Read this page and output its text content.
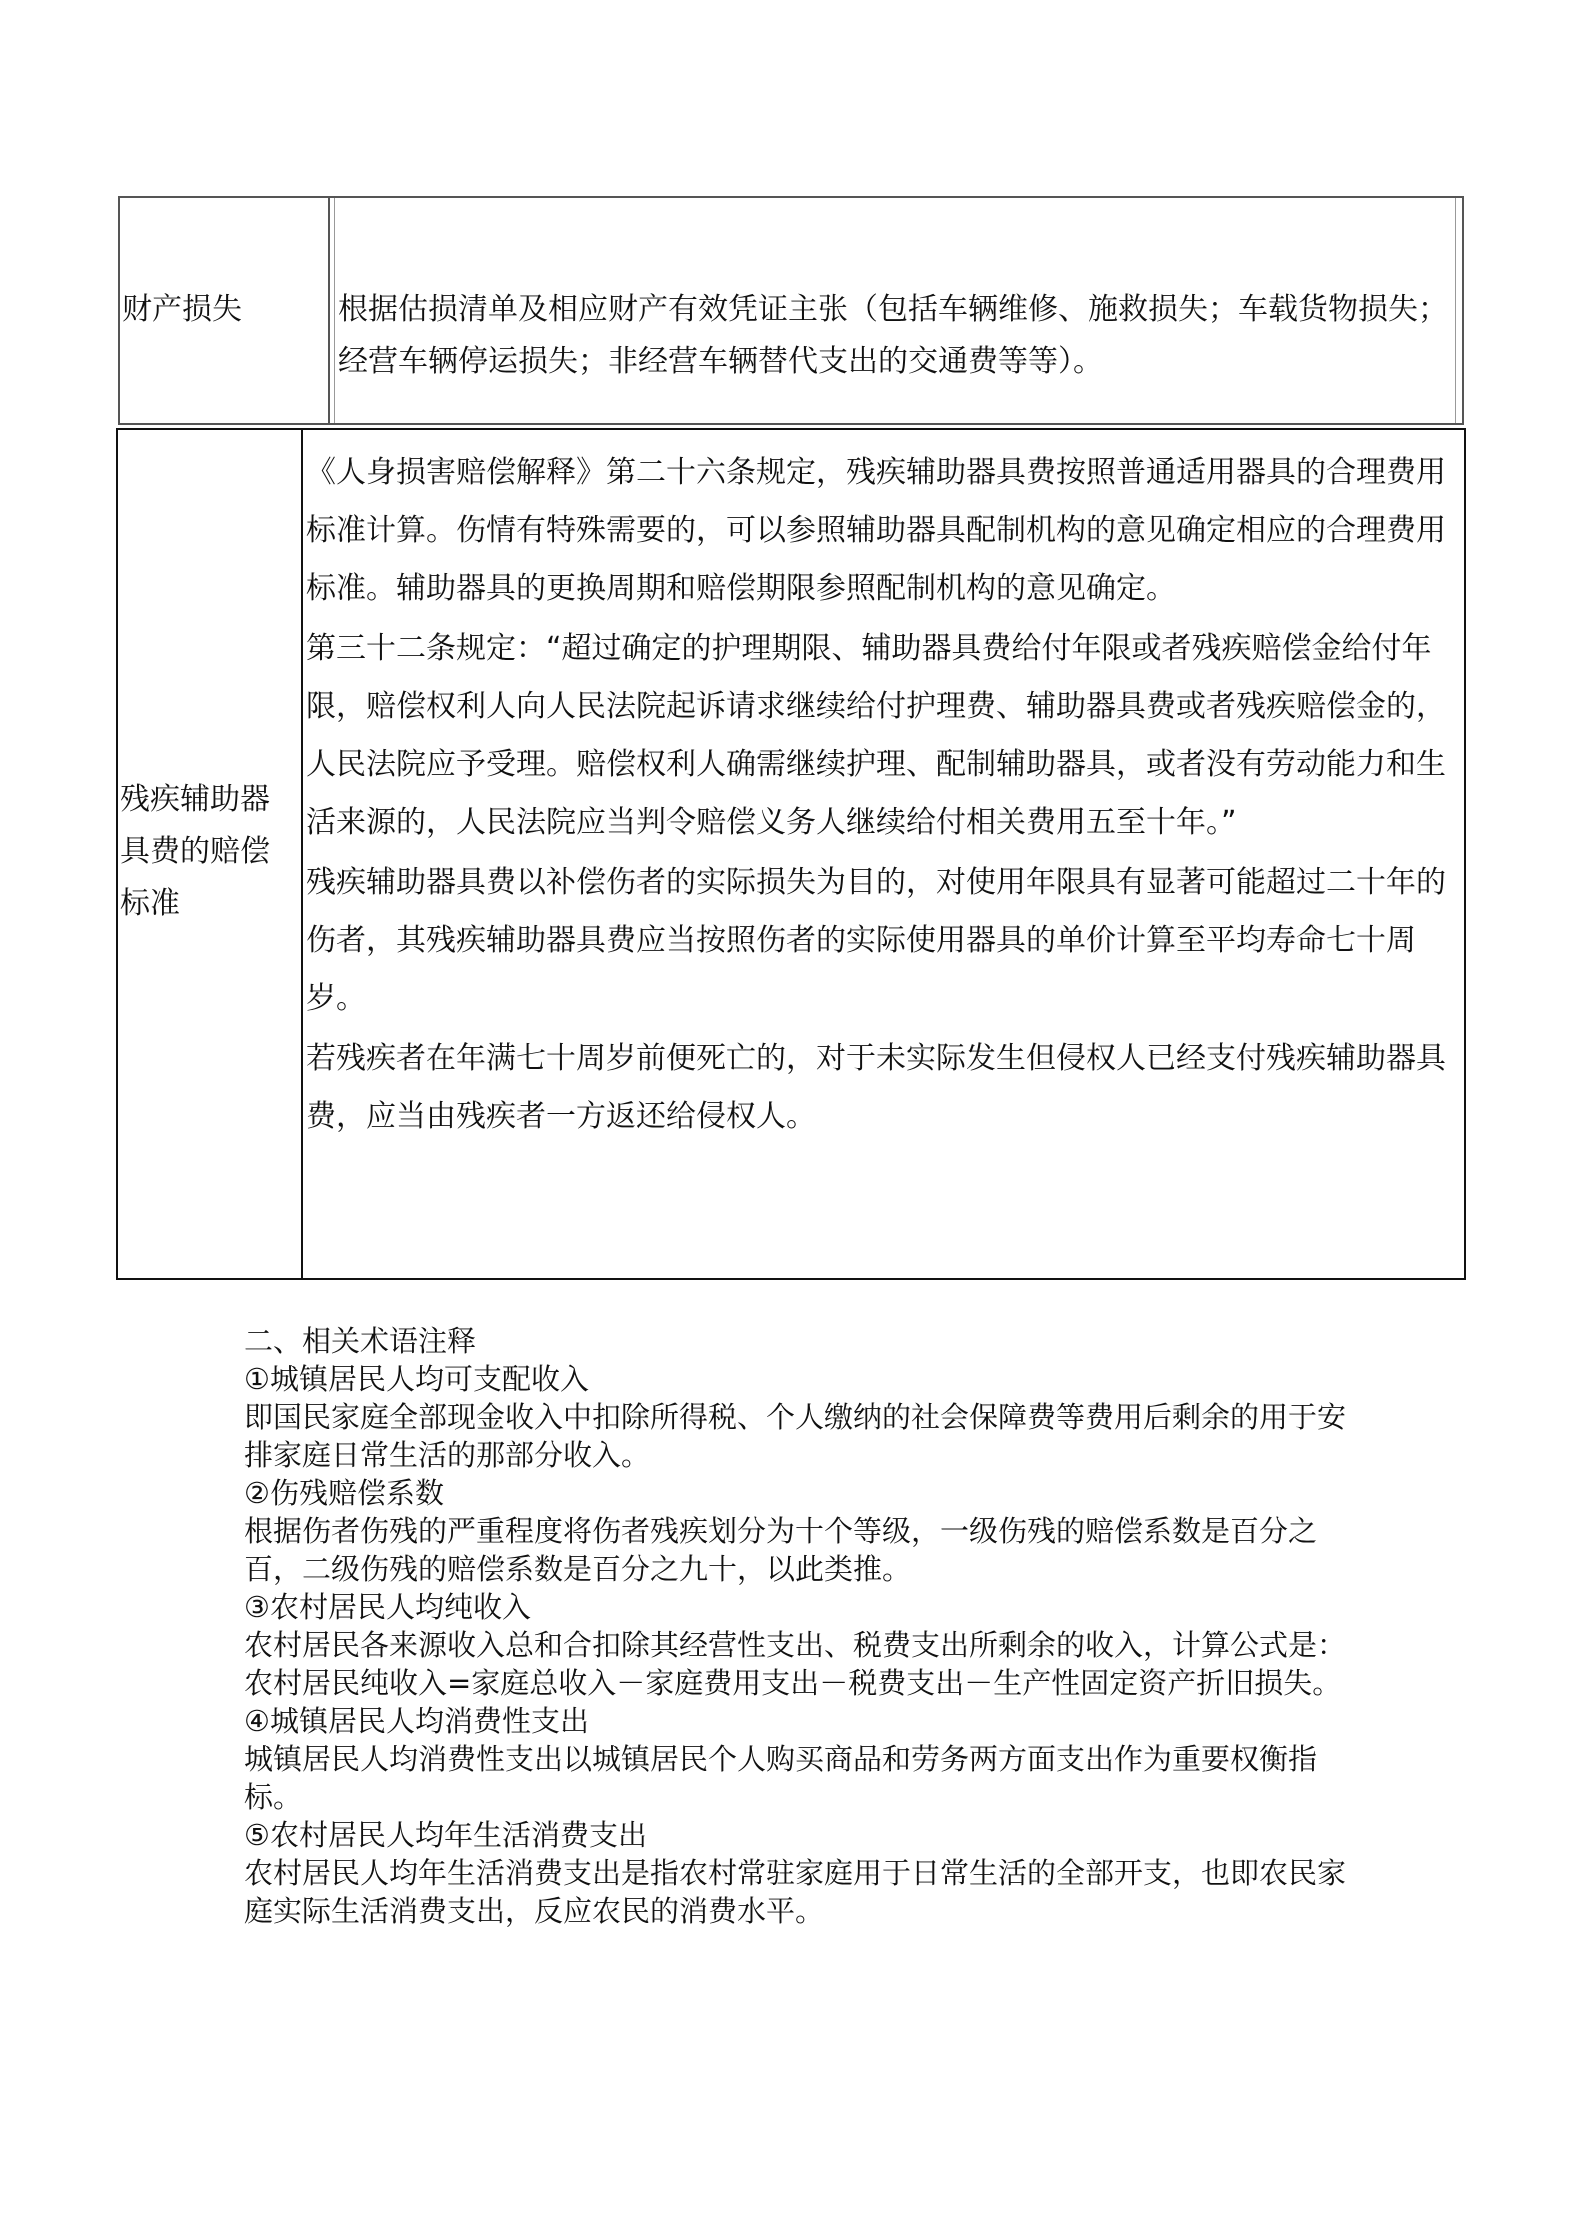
财产损失	根据估损清单及相应财产有效凭证主张（包括车辆维修、施救损失；车载货物损失；经营车辆停运损失；非经营车辆替代支出的交通费等等）。
残疾辅助器具费的赔偿标准

《人身损害赔偿解释》第二十六条规定，残疾辅助器具费按照普通适用器具的合理费用标准计算。伤情有特殊需要的，可以参照辅助器具配制机构的意见确定相应的合理费用标准。辅助器具的更换周期和赔偿期限参照配制机构的意见确定。

第三十二条规定：“超过确定的护理期限、辅助器具费给付年限或者残疾赔偿金给付年限，赔偿权利人向人民法院起诉请求继续给付护理费、辅助器具费或者残疾赔偿金的，人民法院应予受理。赔偿权利人确需继续护理、配制辅助器具，或者没有劳动能力和生活来源的，人民法院应当判令赔偿义务人继续给付相关费用五至十年。”

残疾辅助器具费以补偿伤者的实际损失为目的，对使用年限具有显著可能超过二十年的伤者，其残疾辅助器具费应当按照伤者的实际使用器具的单价计算至平均寿命七十周岁。

若残疾者在年满七十周岁前便死亡的，对于未实际发生但侵权人已经支付残疾辅助器具费，应当由残疾者一方返还给侵权人。

二、相关术语注释

①城镇居民人均可支配收入

即国民家庭全部现金收入中扣除所得税、个人缴纳的社会保障费等费用后剩余的用于安排家庭日常生活的那部分收入。

②伤残赔偿系数

根据伤者伤残的严重程度将伤者残疾划分为十个等级，一级伤残的赔偿系数是百分之百，二级伤残的赔偿系数是百分之九十，以此类推。

③农村居民人均纯收入

农村居民各来源收入总和合扣除其经营性支出、税费支出所剩余的收入，计算公式是：农村居民纯收入=家庭总收入－家庭费用支出－税费支出－生产性固定资产折旧损失。

④城镇居民人均消费性支出

城镇居民人均消费性支出以城镇居民个人购买商品和劳务两方面支出作为重要权衡指标。

⑤农村居民人均年生活消费支出

农村居民人均年生活消费支出是指农村常驻家庭用于日常生活的全部开支，也即农民家庭实际生活消费支出，反应农民的消费水平。
